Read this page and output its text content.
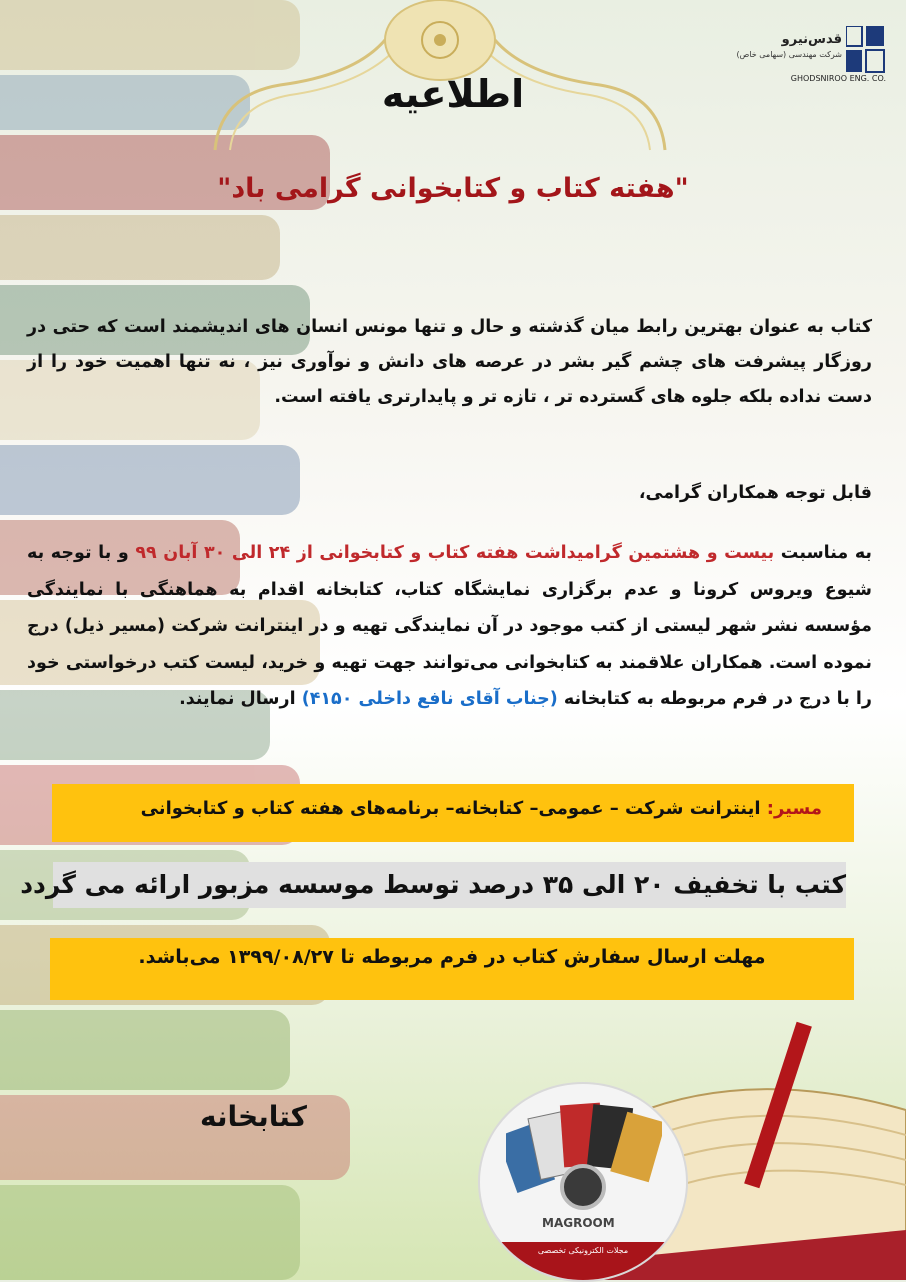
قدس‌نیرو
شرکت مهندسی (سهامی خاص)
GHODSNIROO ENG. CO.
اطلاعیه
"هفته کتاب و کتابخوانی گرامی باد"
کتاب به عنوان بهترین رابط میان گذشته و حال و تنها مونس انسان های اندیشمند است که حتی در روزگار پیشرفت های چشم گیر بشر در عرصه های دانش و نوآوری نیز ، نه تنها اهمیت خود را از دست نداده بلکه جلوه های گسترده تر ، تازه تر و پایدارتری یافته است.
قابل توجه همکاران گرامی،
به مناسبت بیست و هشتمین گرامیداشت هفته کتاب و کتابخوانی از ۲۴ الی ۳۰ آبان ۹۹ و با توجه به شیوع ویروس کرونا و عدم برگزاری نمایشگاه کتاب، کتابخانه اقدام به هماهنگی با نمایندگی مؤسسه نشر شهر لیستی از کتب موجود در آن نمایندگی تهیه و در اینترانت شرکت (مسیر ذیل) درج نموده است. همکاران علاقمند به کتابخوانی می‌توانند جهت تهیه و خرید، لیست کتب درخواستی خود را با درج در فرم مربوطه به کتابخانه (جناب آقای نافع داخلی ۴۱۵۰) ارسال نمایند.
مسیر: اینترانت شرکت – عمومی– کتابخانه– برنامه‌های هفته کتاب و کتابخوانی
کتب با تخفیف ۲۰ الی ۳۵ درصد توسط موسسه مزبور ارائه می گردد
مهلت ارسال سفارش کتاب در فرم مربوطه تا ۱۳۹۹/۰۸/۲۷ می‌باشد.
کتابخانه
MAGROOM
مجلات الکترونیکی تخصصی
